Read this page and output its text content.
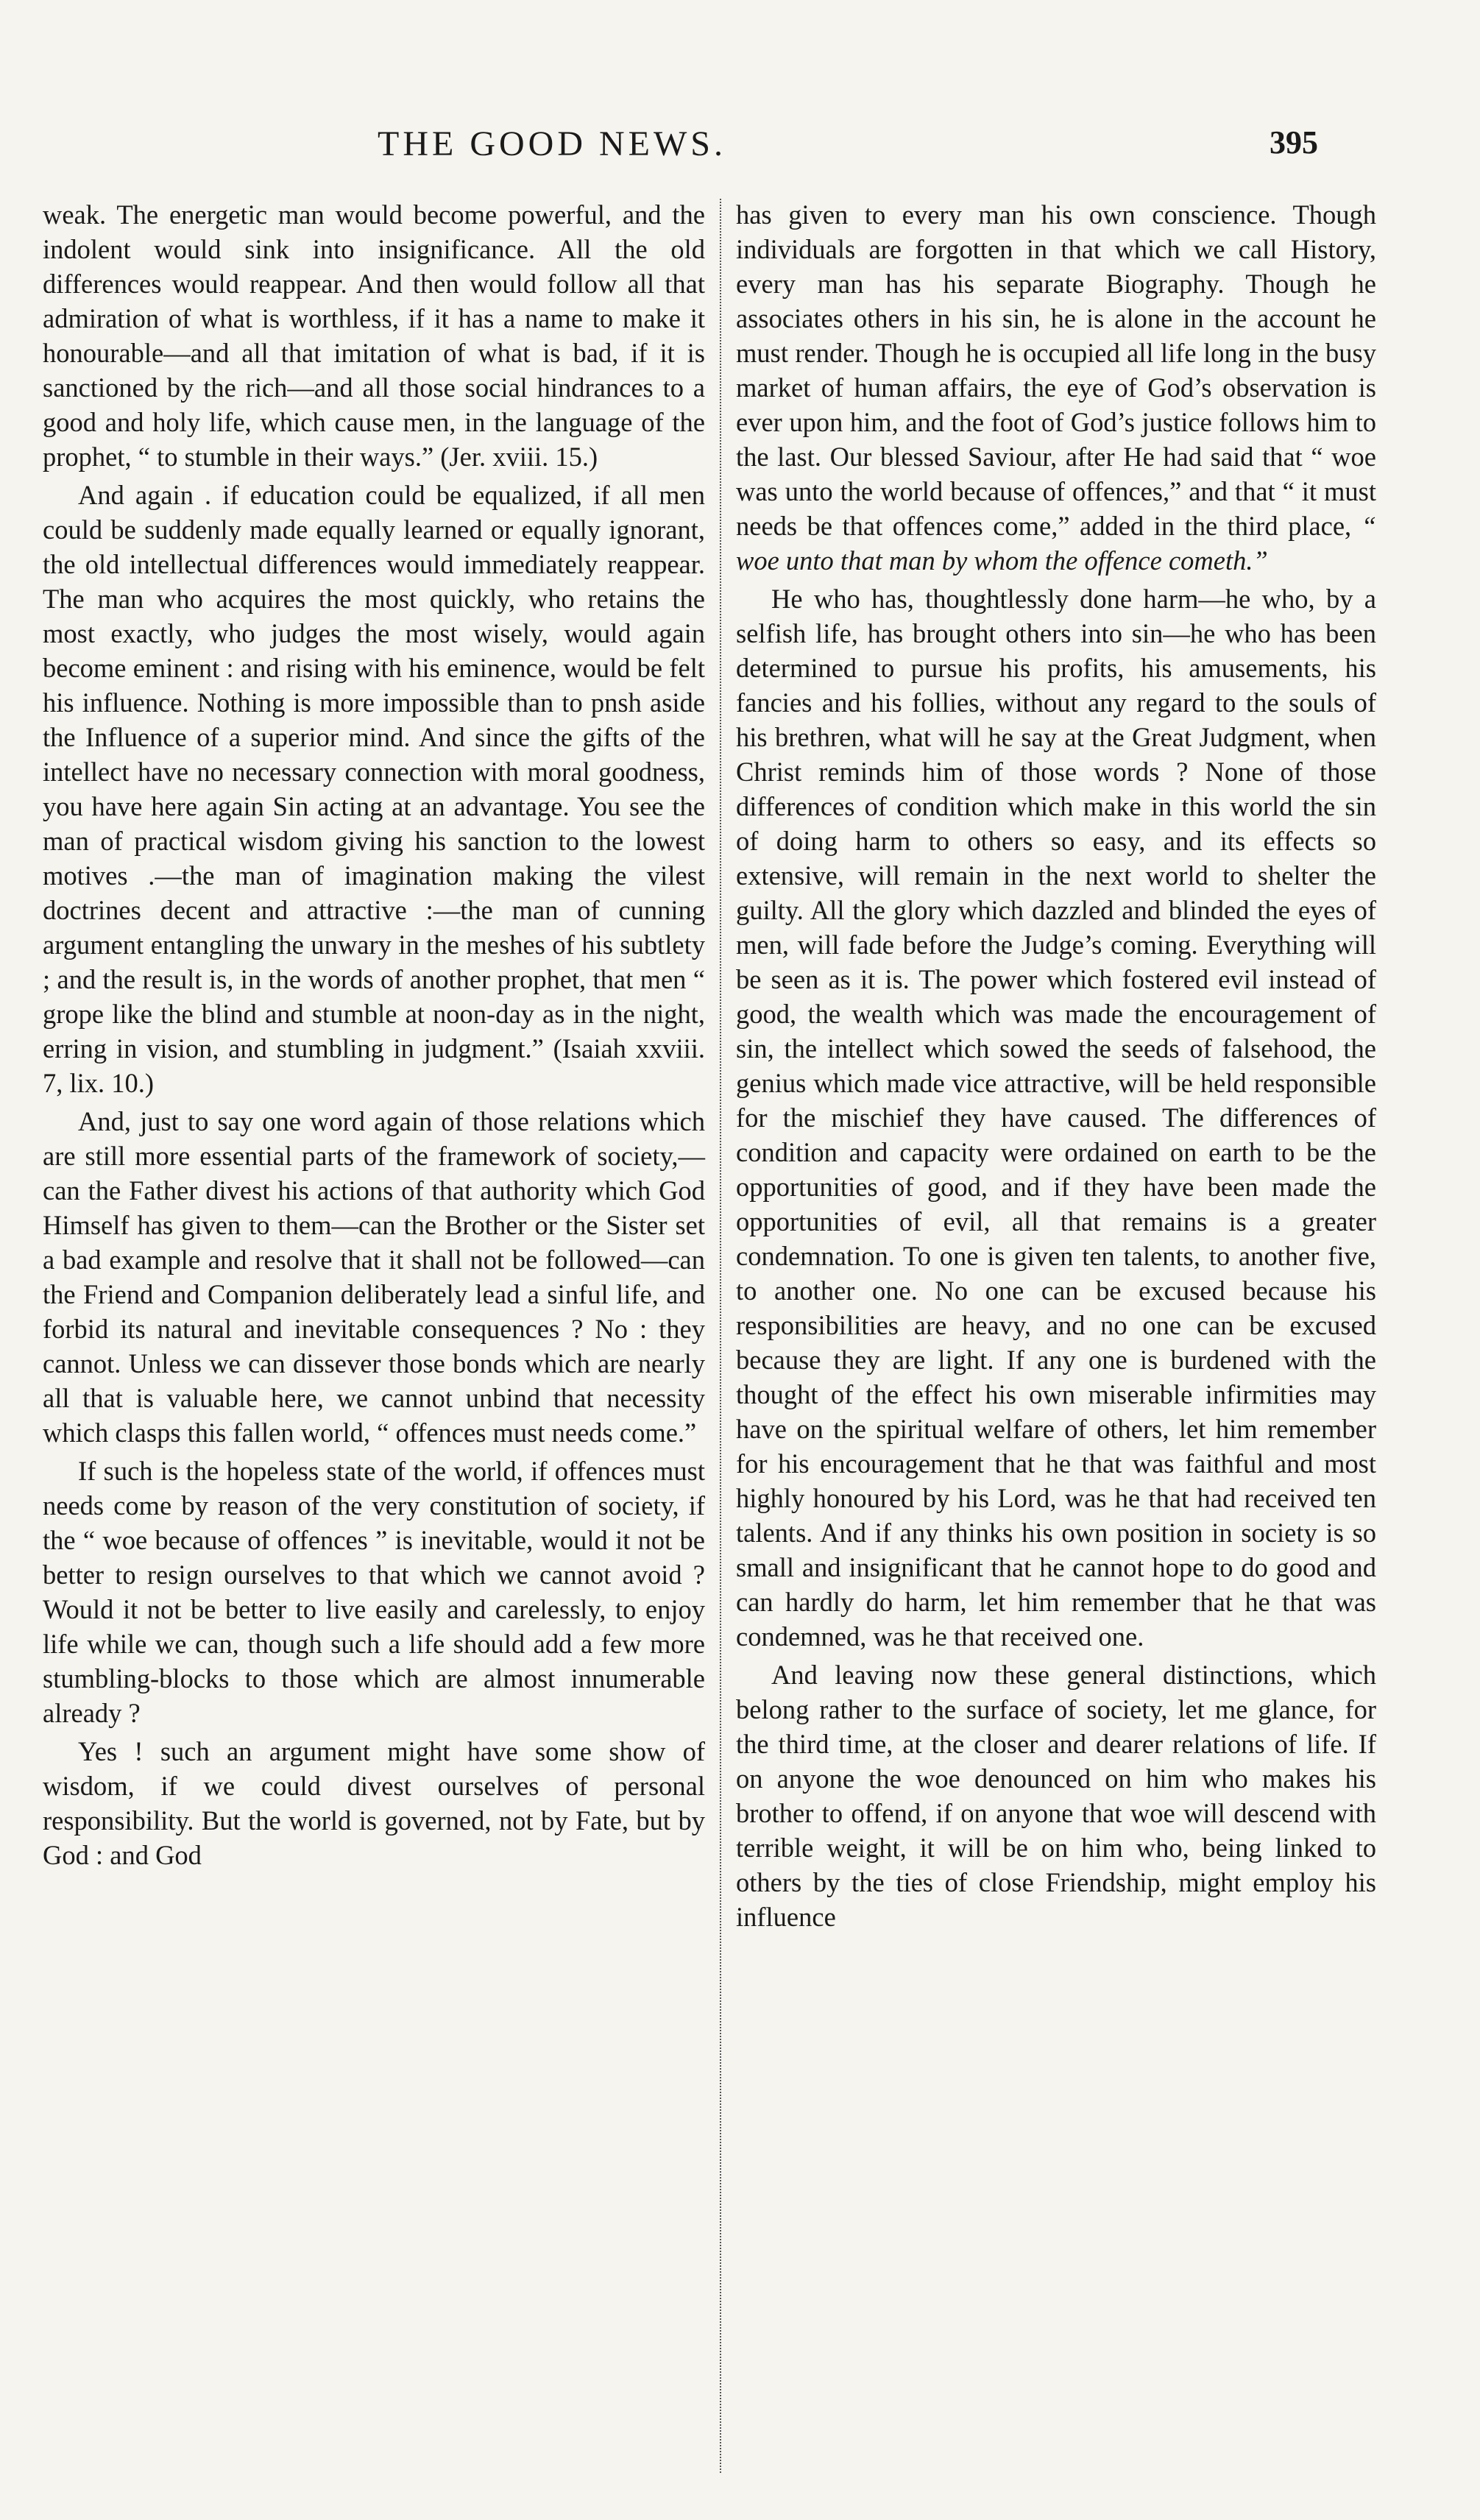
THE GOOD NEWS.	395

weak. The energetic man would become powerful, and the indolent would sink into insignificance. All the old differences would reappear. And then would follow all that admiration of what is worthless, if it has a name to make it honourable—and all that imitation of what is bad, if it is sanctioned by the rich—and all those social hindrances to a good and holy life, which cause men, in the language of the prophet, “ to stumble in their ways.” (Jer. xviii. 15.)

And again . if education could be equalized, if all men could be suddenly made equally learned or equally ignorant, the old intellectual differences would immediately reappear. The man who acquires the most quickly, who retains the most exactly, who judges the most wisely, would again become eminent : and rising with his eminence, would be felt his influence. Nothing is more impossible than to pnsh aside the Influence of a superior mind. And since the gifts of the intellect have no necessary connection with moral goodness, you have here again Sin acting at an advantage. You see the man of practical wisdom giving his sanction to the lowest motives .—the man of imagination making the vilest doctrines decent and attractive :—the man of cunning argument entangling the unwary in the meshes of his subtlety ; and the result is, in the words of another prophet, that men “ grope like the blind and stumble at noon-day as in the night, erring in vision, and stumbling in judgment.” (Isaiah xxviii. 7, lix. 10.)

And, just to say one word again of those relations which are still more essential parts of the framework of society,—can the Father divest his actions of that authority which God Himself has given to them—can the Brother or the Sister set a bad example and resolve that it shall not be followed—can the Friend and Companion deliberately lead a sinful life, and forbid its natural and inevitable consequences ? No : they cannot. Unless we can dissever those bonds which are nearly all that is valuable here, we cannot unbind that necessity which clasps this fallen world, “ offences must needs come.”

If such is the hopeless state of the world, if offences must needs come by reason of the very constitution of society, if the “ woe because of offences ” is inevitable, would it not be better to resign ourselves to that which we cannot avoid ? Would it not be better to live easily and carelessly, to enjoy life while we can, though such a life should add a few more stumbling-blocks to those which are almost innumerable already ?

Yes ! such an argument might have some show of wisdom, if we could divest ourselves of personal responsibility. But the world is governed, not by Fate, but by God : and God

has given to every man his own conscience. Though individuals are forgotten in that which we call History, every man has his separate Biography. Though he associates others in his sin, he is alone in the account he must render. Though he is occupied all life long in the busy market of human affairs, the eye of God’s observation is ever upon him, and the foot of God’s justice follows him to the last. Our blessed Saviour, after He had said that “ woe was unto the world because of offences,” and that “ it must needs be that offences come,” added in the third place, “ woe unto that man by whom the offence cometh.”

He who has, thoughtlessly done harm—he who, by a selfish life, has brought others into sin—he who has been determined to pursue his profits, his amusements, his fancies and his follies, without any regard to the souls of his brethren, what will he say at the Great Judgment, when Christ reminds him of those words ? None of those differences of condition which make in this world the sin of doing harm to others so easy, and its effects so extensive, will remain in the next world to shelter the guilty. All the glory which dazzled and blinded the eyes of men, will fade before the Judge’s coming. Everything will be seen as it is. The power which fostered evil instead of good, the wealth which was made the encouragement of sin, the intellect which sowed the seeds of falsehood, the genius which made vice attractive, will be held responsible for the mischief they have caused. The differences of condition and capacity were ordained on earth to be the opportunities of good, and if they have been made the opportunities of evil, all that remains is a greater condemnation. To one is given ten talents, to another five, to another one. No one can be excused because his responsibilities are heavy, and no one can be excused because they are light. If any one is burdened with the thought of the effect his own miserable infirmities may have on the spiritual welfare of others, let him remember for his encouragement that he that was faithful and most highly honoured by his Lord, was he that had received ten talents. And if any thinks his own position in society is so small and insignificant that he cannot hope to do good and can hardly do harm, let him remember that he that was condemned, was he that received one.

And leaving now these general distinctions, which belong rather to the surface of society, let me glance, for the third time, at the closer and dearer relations of life. If on anyone the woe denounced on him who makes his brother to offend, if on anyone that woe will descend with terrible weight, it will be on him who, being linked to others by the ties of close Friendship, might employ his influence
